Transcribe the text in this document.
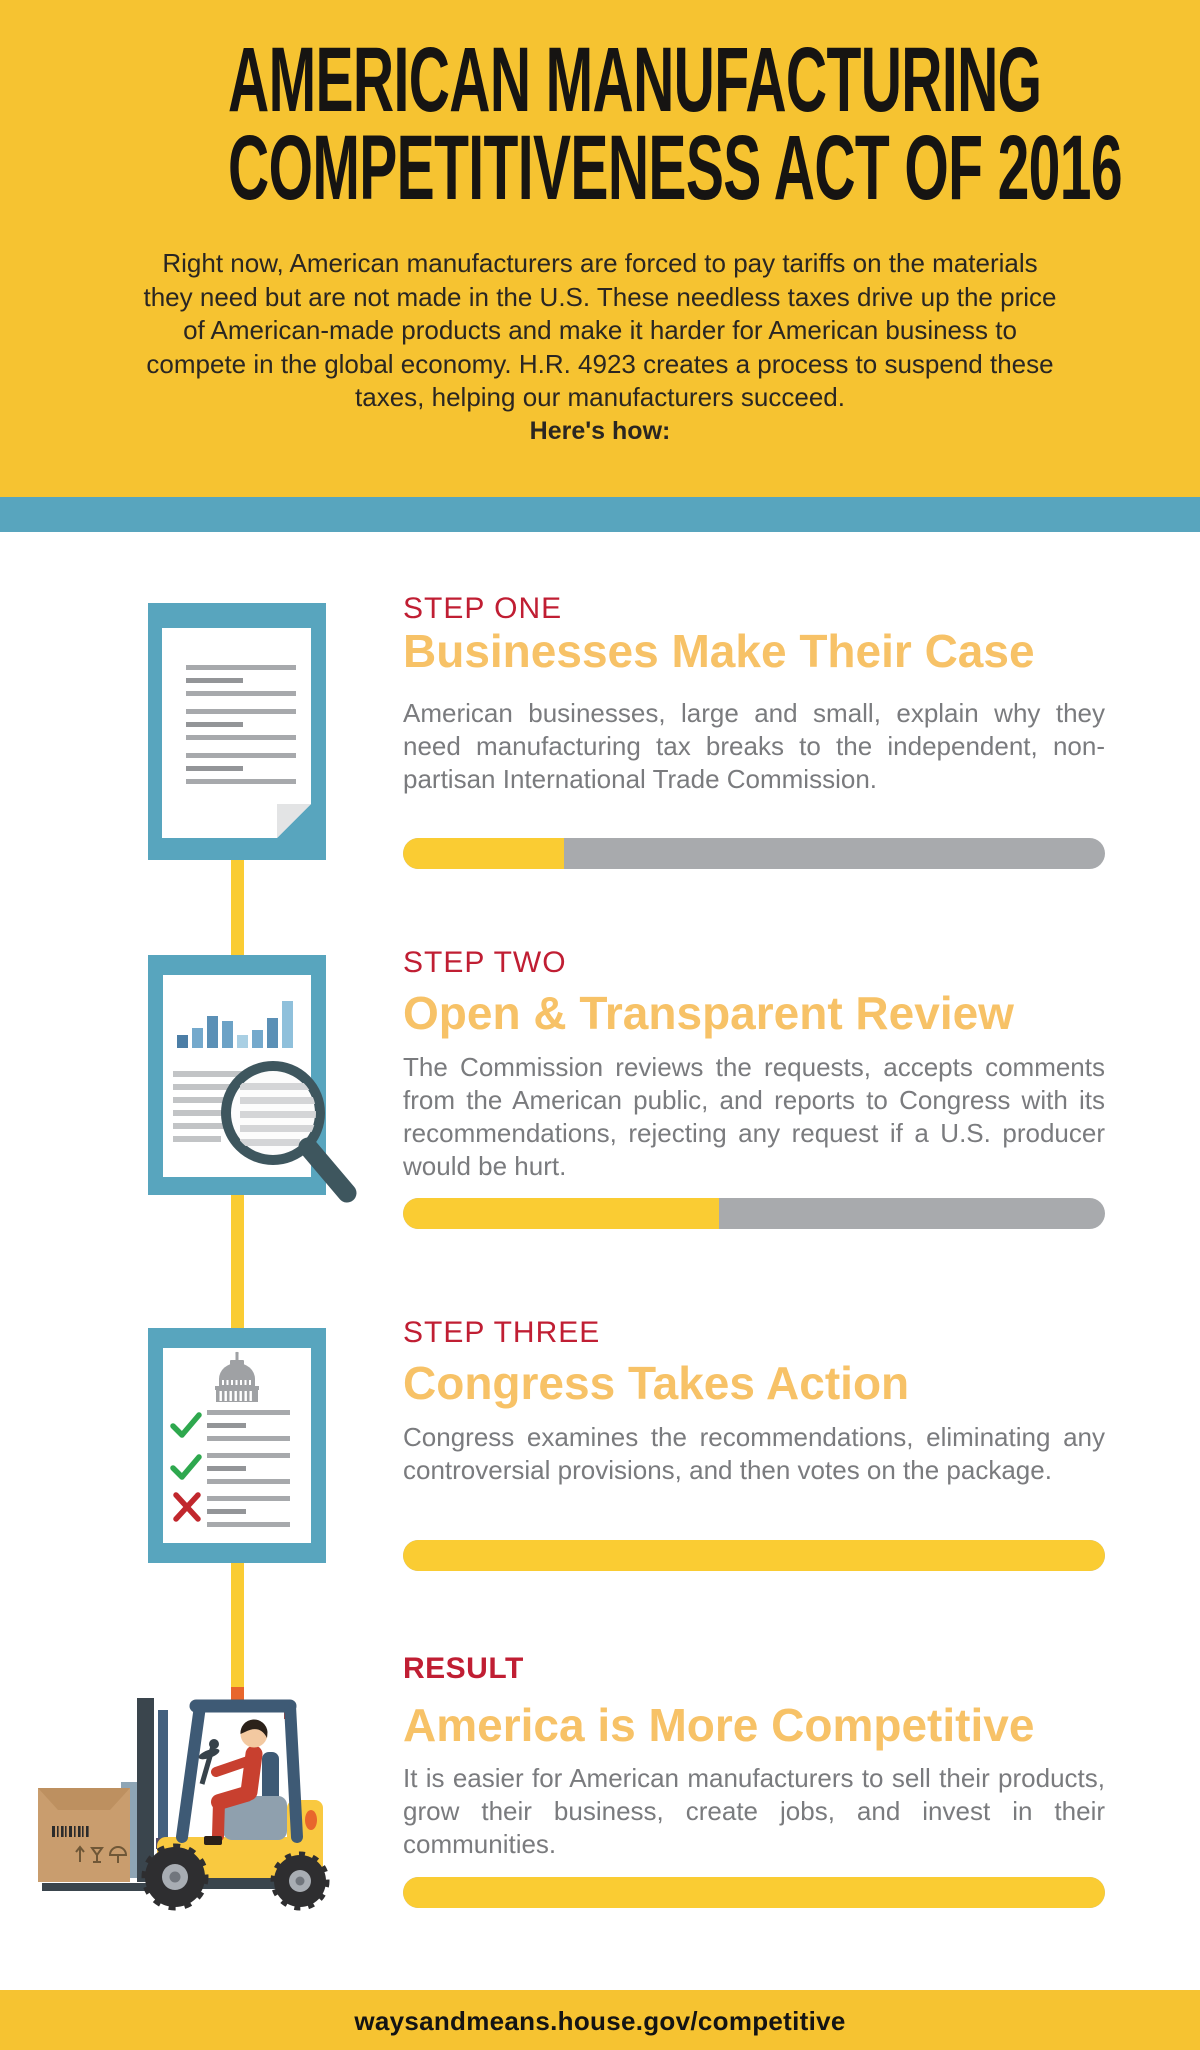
AMERICAN MANUFACTURING
COMPETITIVENESS ACT OF 2016

Right now, American manufacturers are forced to pay tariffs on the materials they need but are not made in the U.S. These needless taxes drive up the price of American-made products and make it harder for American business to compete in the global economy. H.R. 4923 creates a process to suspend these taxes, helping our manufacturers succeed.

Here's how:

STEP ONE
Businesses Make Their Case
American businesses, large and small, explain why they need manufacturing tax breaks to the independent, non-partisan International Trade Commission.
STEP TWO
Open & Transparent Review
The Commission reviews the requests, accepts comments from the American public, and reports to Congress with its recommendations, rejecting any request if a U.S. producer would be hurt.
STEP THREE
Congress Takes Action
Congress examines the recommendations, eliminating any controversial provisions, and then votes on the package.
RESULT
America is More Competitive
It is easier for American manufacturers to sell their products, grow their business, create jobs, and invest in their communities.
waysandmeans.house.gov/competitive
